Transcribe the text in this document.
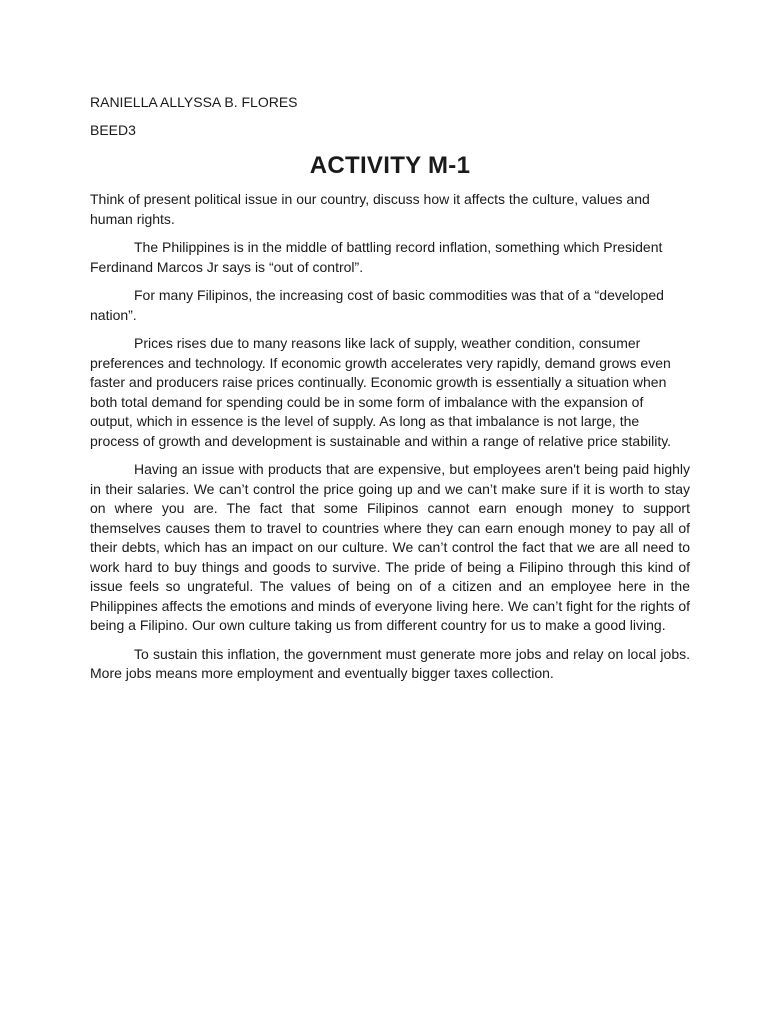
RANIELLA ALLYSSA B. FLORES

BEED3

ACTIVITY M-1

Think of present political issue in our country, discuss how it affects the culture, values and human rights.

The Philippines is in the middle of battling record inflation, something which President Ferdinand Marcos Jr says is “out of control”.

For many Filipinos, the increasing cost of basic commodities was that of a “developed nation”.

Prices rises due to many reasons like lack of supply, weather condition, consumer preferences and technology. If economic growth accelerates very rapidly, demand grows even faster and producers raise prices continually. Economic growth is essentially a situation when both total demand for spending could be in some form of imbalance with the expansion of output, which in essence is the level of supply. As long as that imbalance is not large, the process of growth and development is sustainable and within a range of relative price stability.

Having an issue with products that are expensive, but employees aren't being paid highly in their salaries. We can’t control the price going up and we can’t make sure if it is worth to stay on where you are. The fact that some Filipinos cannot earn enough money to support themselves causes them to travel to countries where they can earn enough money to pay all of their debts, which has an impact on our culture. We can’t control the fact that we are all need to work hard to buy things and goods to survive. The pride of being a Filipino through this kind of issue feels so ungrateful. The values of being on of a citizen and an employee here in the Philippines affects the emotions and minds of everyone living here. We can’t fight for the rights of being a Filipino. Our own culture taking us from different country for us to make a good living.

To sustain this inflation, the government must generate more jobs and relay on local jobs. More jobs means more employment and eventually bigger taxes collection.
